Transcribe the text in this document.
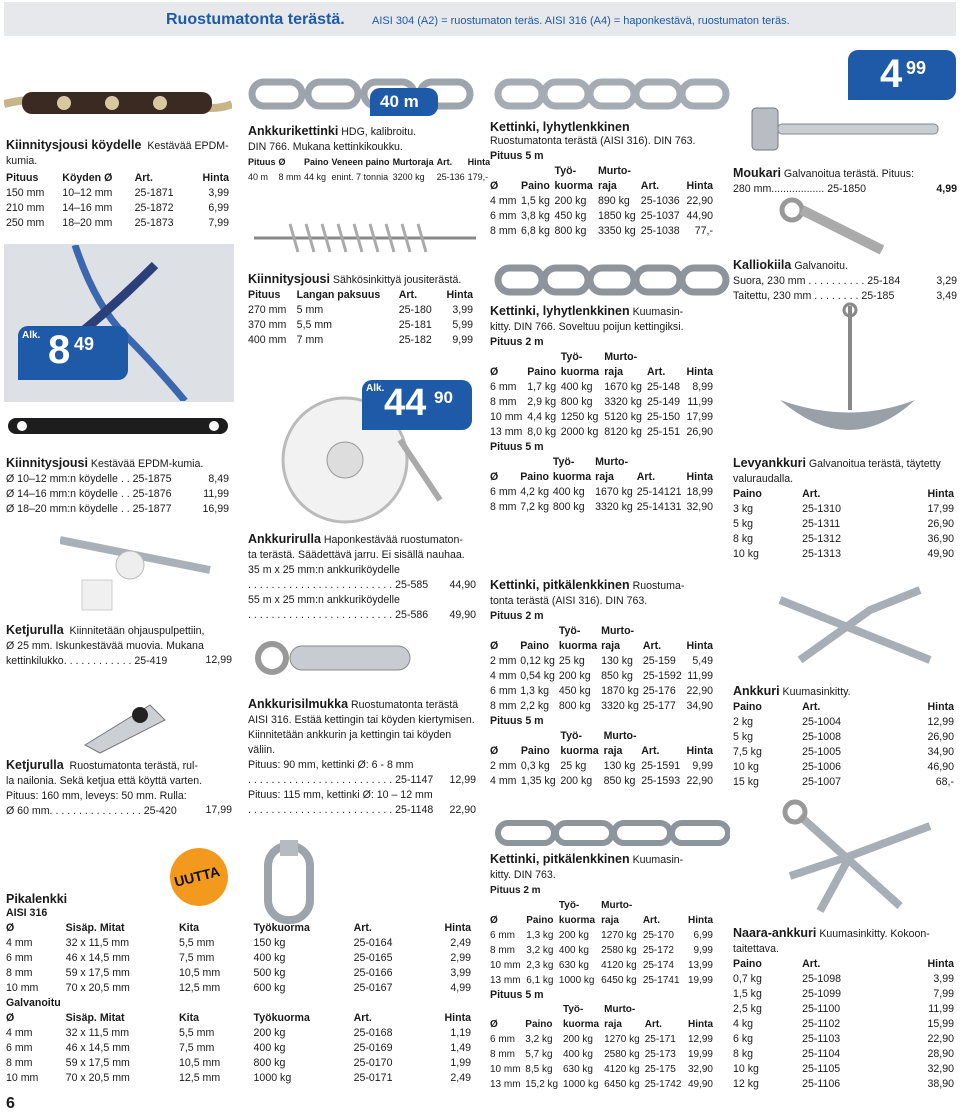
Ruostumatonta terästä. AISI 304 (A2) = ruostumaton teräs. AISI 316 (A4) = haponkestävä, ruostumaton teräs.
4 99
Kiinnitysjousi köydelle Kestävää EPDM-kumia.
Pituus	Köyden Ø	Art.	Hinta
150 mm	10–12 mm	25-1871	3,99
210 mm	14–16 mm	25-1872	6,99
250 mm	18–20 mm	25-1873	7,99
Alk. 8 49
Kiinnitysjousi Kestävää EPDM-kumia.
Ø 10–12 mm:n köydelle . . 25-1875	8,49
Ø 14–16 mm:n köydelle . . 25-1876	11,99
Ø 18–20 mm:n köydelle . . 25-1877	16,99
Ketjurulla Kiinnitetään ohjauspulpettiin,
Ø 25 mm. Iskunkestävää muovia. Mukana
kettinkilukko. . . . . . . . . . . . 25-419	12,99
Ketjurulla Ruostumatonta terästä, rul-
la nailonia. Sekä ketjua että köyttä varten.
Pituus: 160 mm, leveys: 50 mm. Rulla:
Ø 60 mm. . . . . . . . . . . . . . . . 25-420	17,99
40 m
Ankkurikettinki HDG, kalibroitu.
DIN 766. Mukana kettinkikoukku.
Pituus	Ø	Paino	Veneen paino	Murtoraja	Art.	Hinta
40 m	8 mm	44 kg	enint. 7 tonnia	3200 kg	25-136	179,-
Kiinnitysjousi Sähkösinkittyä jousiterästä.
Pituus	Langan paksuus	Art.	Hinta
270 mm	5 mm	25-180	3,99
370 mm	5,5 mm	25-181	5,99
400 mm	7 mm	25-182	9,99
Alk. 44 90
Ankkurirulla Haponkestävää ruostumaton-
ta terästä. Säädettävä jarru. Ei sisällä nauhaa.
35 m x 25 mm:n ankkuriköydelle
. . . . . . . . . . . . . . . . . . . . . . . . . 25-585 44,90
55 m x 25 mm:n ankkuriköydelle
. . . . . . . . . . . . . . . . . . . . . . . . . 25-586 49,90
Ankkurisilmukka Ruostumatonta terästä
AISI 316. Estää kettingin tai köyden kiertymisen.
Kiinnitetään ankkurin ja kettingin tai köyden
väliin.
Pituus: 90 mm, kettinki Ø: 6 - 8 mm
. . . . . . . . . . . . . . . . . . . . . . . . . 25-1147 12,99
Pituus: 115 mm, kettinki Ø: 10 – 12 mm
. . . . . . . . . . . . . . . . . . . . . . . . . 25-1148 22,90
Kettinki, lyhytlenkkinen
Ruostumatonta terästä (AISI 316). DIN 763.
Pituus 5 m
		Työ-	Murto-		
Ø	Paino	kuorma	raja	Art.	Hinta
4 mm	1,5 kg	200 kg	890 kg	25-1036	22,90
6 mm	3,8 kg	450 kg	1850 kg	25-1037	44,90
8 mm	6,8 kg	800 kg	3350 kg	25-1038	77,-
Kettinki, lyhytlenkkinen Kuumasin-
kitty. DIN 766. Soveltuu poijun kettingiksi.
Pituus 2 m
		Työ-	Murto-		
Ø	Paino	kuorma	raja	Art.	Hinta
6 mm	1,7 kg	400 kg	1670 kg	25-148	8,99
8 mm	2,9 kg	800 kg	3320 kg	25-149	11,99
10 mm	4,4 kg	1250 kg	5120 kg	25-150	17,99
13 mm	8,0 kg	2000 kg	8120 kg	25-151	26,90
Pituus 5 m
		Työ-	Murto-		
Ø	Paino	kuorma	raja	Art.	Hinta
6 mm	4,2 kg	400 kg	1670 kg	25-14121	18,99
8 mm	7,2 kg	800 kg	3320 kg	25-14131	32,90
Kettinki, pitkälenkkinen Ruostuma-
tonta terästä (AISI 316). DIN 763.
Pituus 2 m
		Työ-	Murto-		
Ø	Paino	kuorma	raja	Art.	Hinta
2 mm	0,12 kg	25 kg	130 kg	25-159	5,49
4 mm	0,54 kg	200 kg	850 kg	25-1592	11,99
6 mm	1,3 kg	450 kg	1870 kg	25-176	22,90
8 mm	2,2 kg	800 kg	3320 kg	25-177	34,90
Pituus 5 m
		Työ-	Murto-		
Ø	Paino	kuorma	raja	Art.	Hinta
2 mm	0,3 kg	25 kg	130 kg	25-1591	9,99
4 mm	1,35 kg	200 kg	850 kg	25-1593	22,90
Kettinki, pitkälenkkinen Kuumasin-
kitty. DIN 763.
Pituus 2 m					
		Työ-	Murto-		
Ø	Paino	kuorma	raja	Art.	Hinta
6 mm	1,3 kg	200 kg	1270 kg	25-170	6,99
8 mm	3,2 kg	400 kg	2580 kg	25-172	9,99
10 mm	2,3 kg	630 kg	4120 kg	25-174	13,99
13 mm	6,1 kg	1000 kg	6450 kg	25-1741	19,99
Pituus 5 m
		Työ-	Murto-		
Ø	Paino	kuorma	raja	Art.	Hinta
6 mm	3,2 kg	200 kg	1270 kg	25-171	12,99
8 mm	5,7 kg	400 kg	2580 kg	25-173	19,99
10 mm	8,5 kg	630 kg	4120 kg	25-175	32,90
13 mm	15,2 kg	1000 kg	6450 kg	25-1742	49,90
Moukari Galvanoitua terästä. Pituus:
280 mm.................. 25-1850	4,99
Kalliokiila Galvanoitu.
Suora, 230 mm . . . . . . . . . . 25-184	3,29
Taitettu, 230 mm . . . . . . . . 25-185	3,49
Levyankkuri Galvanoitua terästä, täytetty
valuraudalla.
Paino	Art.	Hinta
3 kg	25-1310	17,99
5 kg	25-1311	26,90
8 kg	25-1312	36,90
10 kg	25-1313	49,90
Ankkuri Kuumasinkitty.
Paino	Art.	Hinta
2 kg	25-1004	12,99
5 kg	25-1008	26,90
7,5 kg	25-1005	34,90
10 kg	25-1006	46,90
15 kg	25-1007	68,-
Naara-ankkuri Kuumasinkitty. Kokoon-
taitettava.
Paino	Art.	Hinta
0,7 kg	25-1098	3,99
1,5 kg	25-1099	7,99
2,5 kg	25-1100	11,99
4 kg	25-1102	15,99
6 kg	25-1103	22,90
8 kg	25-1104	28,90
10 kg	25-1105	32,90
12 kg	25-1106	38,90
UUTTA
Pikalenkki
AISI 316
Ø	Sisäp. Mitat	Kita	Työkuorma	Art.	Hinta
4 mm	32 x 11,5 mm	5,5 mm	150 kg	25-0164	2,49
6 mm	46 x 14,5 mm	7,5 mm	400 kg	25-0165	2,99
8 mm	59 x 17,5 mm	10,5 mm	500 kg	25-0166	3,99
10 mm	70 x 20,5 mm	12,5 mm	600 kg	25-0167	4,99
Galvanoitu
Ø	Sisäp. Mitat	Kita	Työkuorma	Art.	Hinta
4 mm	32 x 11,5 mm	5,5 mm	200 kg	25-0168	1,19
6 mm	46 x 14,5 mm	7,5 mm	400 kg	25-0169	1,49
8 mm	59 x 17,5 mm	10,5 mm	800 kg	25-0170	1,99
10 mm	70 x 20,5 mm	12,5 mm	1000 kg	25-0171	2,49
6
